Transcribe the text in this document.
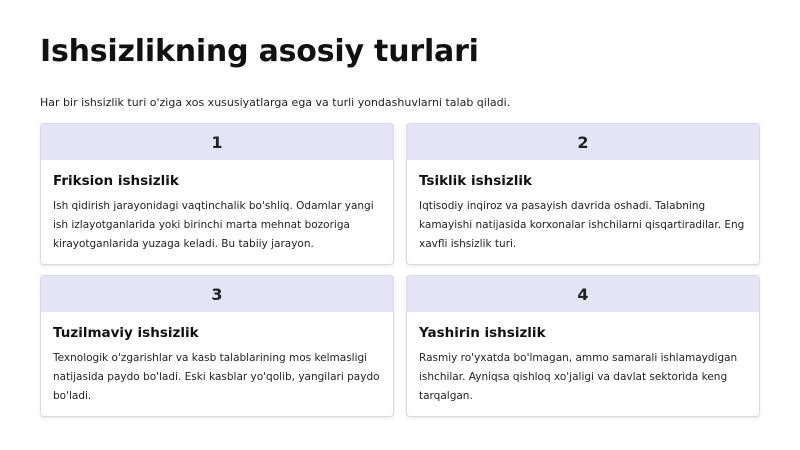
Ishsizlikning asosiy turlari

Har bir ishsizlik turi o'ziga xos xususiyatlarga ega va turli yondashuvlarni talab qiladi.

1
Friksion ishsizlik

Ish qidirish jarayonidagi vaqtinchalik bo'shliq. Odamlar yangi ish izlayotganlarida yoki birinchi marta mehnat bozoriga kirayotganlarida yuzaga keladi. Bu tabiiy jarayon.

2
Tsiklik ishsizlik

Iqtisodiy inqiroz va pasayish davrida oshadi. Talabning kamayishi natijasida korxonalar ishchilarni qisqartiradilar. Eng xavfli ishsizlik turi.

3
Tuzilmaviy ishsizlik

Texnologik o'zgarishlar va kasb talablarining mos kelmasligi natijasida paydo bo'ladi. Eski kasblar yo'qolib, yangilari paydo bo'ladi.

4
Yashirin ishsizlik

Rasmiy ro'yxatda bo'lmagan, ammo samarali ishlamaydigan ishchilar. Ayniqsa qishloq xo'jaligi va davlat sektorida keng tarqalgan.
